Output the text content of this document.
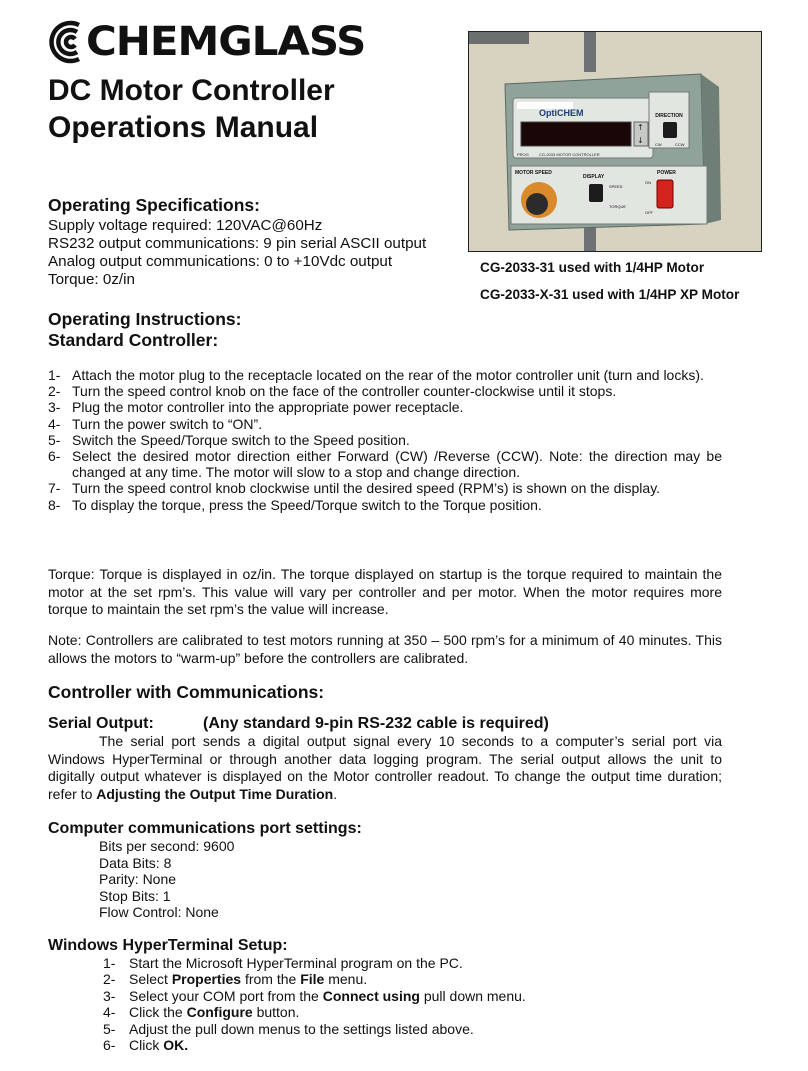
CHEMGLASS
DC Motor Controller
Operations Manual	OptiCHEM
↑
↓
PROG	CG-2033 MOTOR CONTROLLER
DIRECTION
CW	CCW
MOTOR SPEED
DISPLAY
SPEED
TORQUE
POWER
ON
OFF
CG-2033-31 used with 1/4HP Motor
CG-2033-X-31 used with 1/4HP XP Motor
Operating Specifications:
Supply voltage required: 120VAC@60Hz
RS232 output communications: 9 pin serial ASCII output
Analog output communications: 0 to +10Vdc output
Torque: 0z/in
Operating Instructions:
Standard Controller:
1- Attach the motor plug to the receptacle located on the rear of the motor controller unit (turn and locks).
2- Turn the speed control knob on the face of the controller counter-clockwise until it stops.
3- Plug the motor controller into the appropriate power receptacle.
4- Turn the power switch to “ON”.
5- Switch the Speed/Torque switch to the Speed position.
6- Select the desired motor direction either Forward (CW) /Reverse (CCW). Note: the direction may be changed at any time. The motor will slow to a stop and change direction.
7- Turn the speed control knob clockwise until the desired speed (RPM’s) is shown on the display.
8- To display the torque, press the Speed/Torque switch to the Torque position.
Torque: Torque is displayed in oz/in. The torque displayed on startup is the torque required to maintain the motor at the set rpm’s. This value will vary per controller and per motor. When the motor requires more torque to maintain the set rpm’s the value will increase.
Note: Controllers are calibrated to test motors running at 350 – 500 rpm’s for a minimum of 40 minutes. This allows the motors to “warm-up” before the controllers are calibrated.
Controller with Communications:
Serial Output:	(Any standard 9-pin RS-232 cable is required)
The serial port sends a digital output signal every 10 seconds to a computer’s serial port via Windows HyperTerminal or through another data logging program. The serial output allows the unit to digitally output whatever is displayed on the Motor controller readout. To change the output time duration; refer to Adjusting the Output Time Duration.
Computer communications port settings:
Bits per second: 9600
Data Bits: 8
Parity: None
Stop Bits: 1
Flow Control: None
Windows HyperTerminal Setup:
1- Start the Microsoft HyperTerminal program on the PC.
2- Select Properties from the File menu.
3- Select your COM port from the Connect using pull down menu.
4- Click the Configure button.
5- Adjust the pull down menus to the settings listed above.
6- Click OK.
